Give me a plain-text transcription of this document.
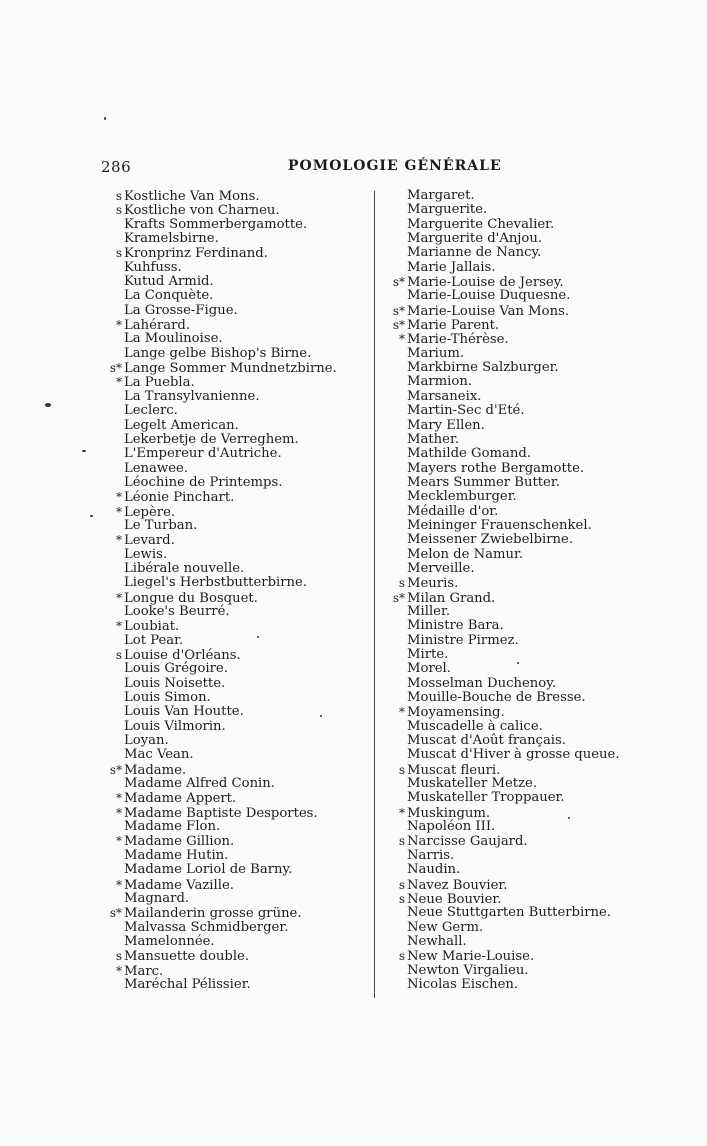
286	POMOLOGIE GÉNÉRALE
s Kostliche Van Mons.
s Kostliche von Charneu.
Krafts Sommerbergamotte.
Kramelsbirne.
s Kronprinz Ferdinand.
Kuhfuss.
Kutud Armid.
La Conquète.
La Grosse-Figue.
* Lahérard.
La Moulinoise.
Lange gelbe Bishop's Birne.
s* Lange Sommer Mundnetzbirne.
* La Puebla.
La Transylvanienne.
Leclerc.
Legelt American.
Lekerbetje de Verreghem.
L'Empereur d'Autriche.
Lenawee.
Léochine de Printemps.
* Léonie Pinchart.
* Lepère.
Le Turban.
* Levard.
Lewis.
Libérale nouvelle.
Liegel's Herbstbutterbirne.
* Longue du Bosquet.
Looke's Beurré.
* Loubiat.
Lot Pear.
s Louise d'Orléans.
Louis Grégoire.
Louis Noisette.
Louis Simon.
Louis Van Houtte.
Louis Vilmorin.
Loyan.
Mac Vean.
s* Madame.
Madame Alfred Conin.
* Madame Appert.
* Madame Baptiste Desportes.
Madame Flon.
* Madame Gillion.
Madame Hutin.
Madame Loriol de Barny.
* Madame Vazille.
Magnard.
s* Mailanderin grosse grüne.
Malvassa Schmidberger.
Mamelonnée.
s Mansuette double.
* Marc.
Maréchal Pélissier.
Margaret.
Marguerite.
Marguerite Chevalier.
Marguerite d'Anjou.
Marianne de Nancy.
Marie Jallais.
s* Marie-Louise de Jersey.
Marie-Louise Duquesne.
s* Marie-Louise Van Mons.
s* Marie Parent.
* Marie-Thérèse.
Marium.
Markbirne Salzburger.
Marmion.
Marsaneix.
Martin-Sec d'Eté.
Mary Ellen.
Mather.
Mathilde Gomand.
Mayers rothe Bergamotte.
Mears Summer Butter.
Mecklemburger.
Médaille d'or.
Meininger Frauenschenkel.
Meissener Zwiebelbirne.
Melon de Namur.
Merveille.
s Meuris.
s* Milan Grand.
Miller.
Ministre Bara.
Ministre Pirmez.
Mirte.
Morel.
Mosselman Duchenoy.
Mouille-Bouche de Bresse.
* Moyamensing.
Muscadelle à calice.
Muscat d'Août français.
Muscat d'Hiver à grosse queue.
s Muscat fleuri.
Muskateller Metze.
Muskateller Troppauer.
* Muskingum.
Napoléon III.
s Narcisse Gaujard.
Narris.
Naudin.
s Navez Bouvier.
s Neue Bouvier.
Neue Stuttgarten Butterbirne.
New Germ.
Newhall.
s New Marie-Louise.
Newton Virgalieu.
Nicolas Eischen.
